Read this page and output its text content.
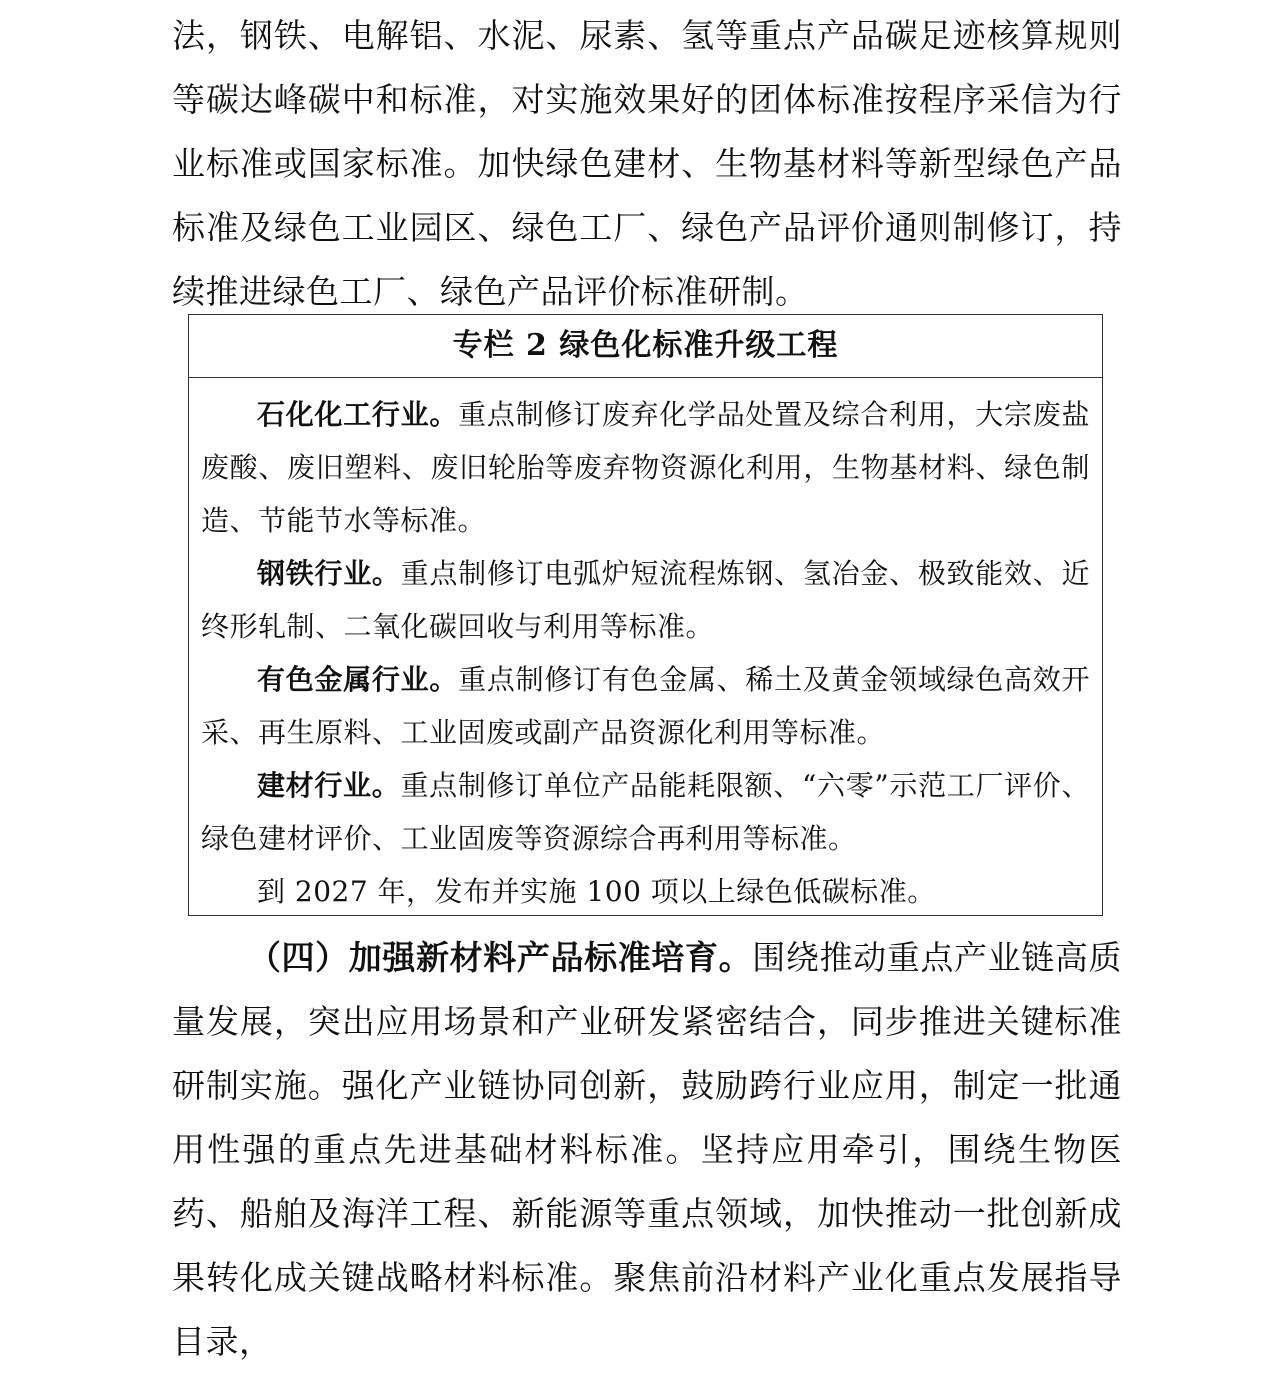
法，钢铁、电解铝、水泥、尿素、氢等重点产品碳足迹核算规则等碳达峰碳中和标准，对实施效果好的团体标准按程序采信为行业标准或国家标准。加快绿色建材、生物基材料等新型绿色产品标准及绿色工业园区、绿色工厂、绿色产品评价通则制修订，持续推进绿色工厂、绿色产品评价标准研制。

专栏 2 绿色化标准升级工程

石化化工行业。重点制修订废弃化学品处置及综合利用，大宗废盐废酸、废旧塑料、废旧轮胎等废弃物资源化利用，生物基材料、绿色制造、节能节水等标准。

钢铁行业。重点制修订电弧炉短流程炼钢、氢冶金、极致能效、近终形轧制、二氧化碳回收与利用等标准。

有色金属行业。重点制修订有色金属、稀土及黄金领域绿色高效开采、再生原料、工业固废或副产品资源化利用等标准。

建材行业。重点制修订单位产品能耗限额、“六零”示范工厂评价、绿色建材评价、工业固废等资源综合再利用等标准。

到 2027 年，发布并实施 100 项以上绿色低碳标准。

（四）加强新材料产品标准培育。围绕推动重点产业链高质量发展，突出应用场景和产业研发紧密结合，同步推进关键标准研制实施。强化产业链协同创新，鼓励跨行业应用，制定一批通用性强的重点先进基础材料标准。坚持应用牵引，围绕生物医药、船舶及海洋工程、新能源等重点领域，加快推动一批创新成果转化成关键战略材料标准。聚焦前沿材料产业化重点发展指导目录，
